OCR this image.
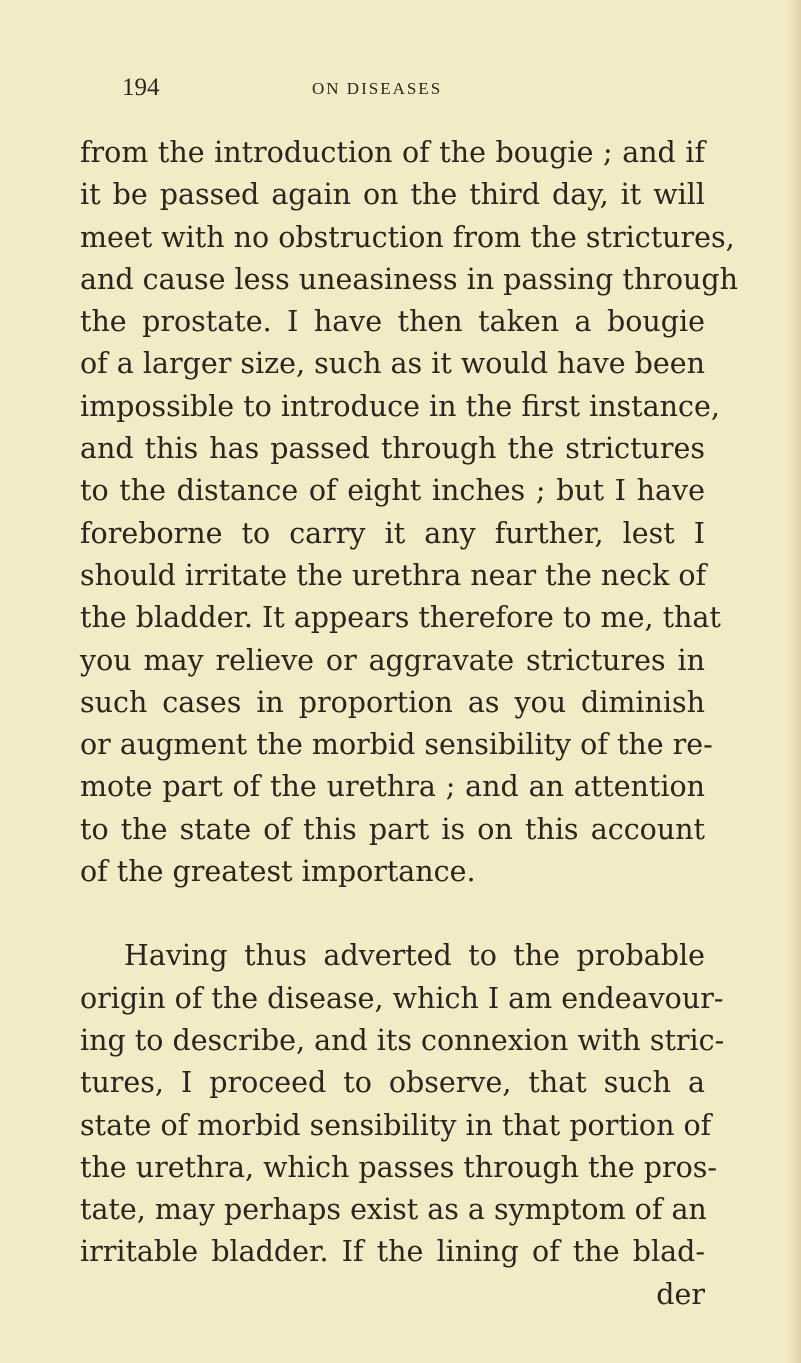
194	ON DISEASES
from the introduction of the bougie ; and if
it be passed again on the third day, it will
meet with no obstruction from the strictures,
and cause less uneasiness in passing through
the prostate. I have then taken a bougie
of a larger size, such as it would have been
impossible to introduce in the first instance,
and this has passed through the strictures
to the distance of eight inches ; but I have
foreborne to carry it any further, lest I
should irritate the urethra near the neck of
the bladder. It appears therefore to me, that
you may relieve or aggravate strictures in
such cases in proportion as you diminish
or augment the morbid sensibility of the re-
mote part of the urethra ; and an attention
to the state of this part is on this account
of the greatest importance.
Having thus adverted to the probable
origin of the disease, which I am endeavour-
ing to describe, and its connexion with stric-
tures, I proceed to observe, that such a
state of morbid sensibility in that portion of
the urethra, which passes through the pros-
tate, may perhaps exist as a symptom of an
irritable bladder. If the lining of the blad-
der
